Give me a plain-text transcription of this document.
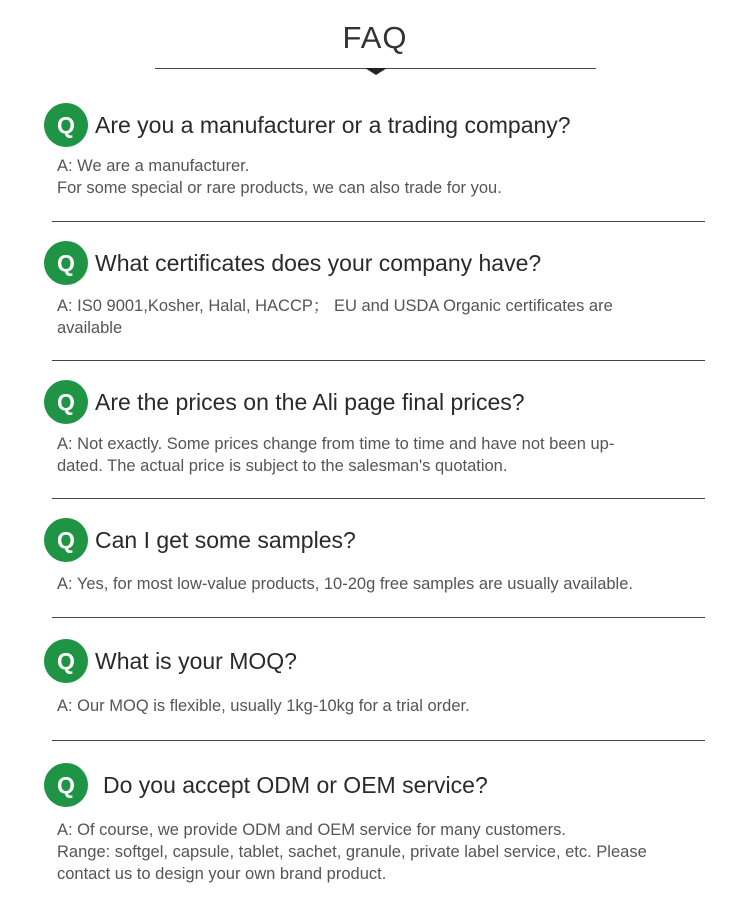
FAQ
Q Are you a manufacturer or a trading company?
A: We are a manufacturer.
For some special or rare products, we can also trade for you.
Q What certificates does your company have?
A: IS0 9001,Kosher, Halal, HACCP； EU and USDA Organic certificates are
available
Q Are the prices on the Ali page final prices?
A: Not exactly. Some prices change from time to time and have not been up-
dated. The actual price is subject to the salesman's quotation.
Q Can I get some samples?
A: Yes, for most low-value products, 10-20g free samples are usually available.
Q What is your MOQ?
A: Our MOQ is flexible, usually 1kg-10kg for a trial order.
Q	Do you accept ODM or OEM service?
A: Of course, we provide ODM and OEM service for many customers.
Range: softgel, capsule, tablet, sachet, granule, private label service, etc. Please
contact us to design your own brand product.
